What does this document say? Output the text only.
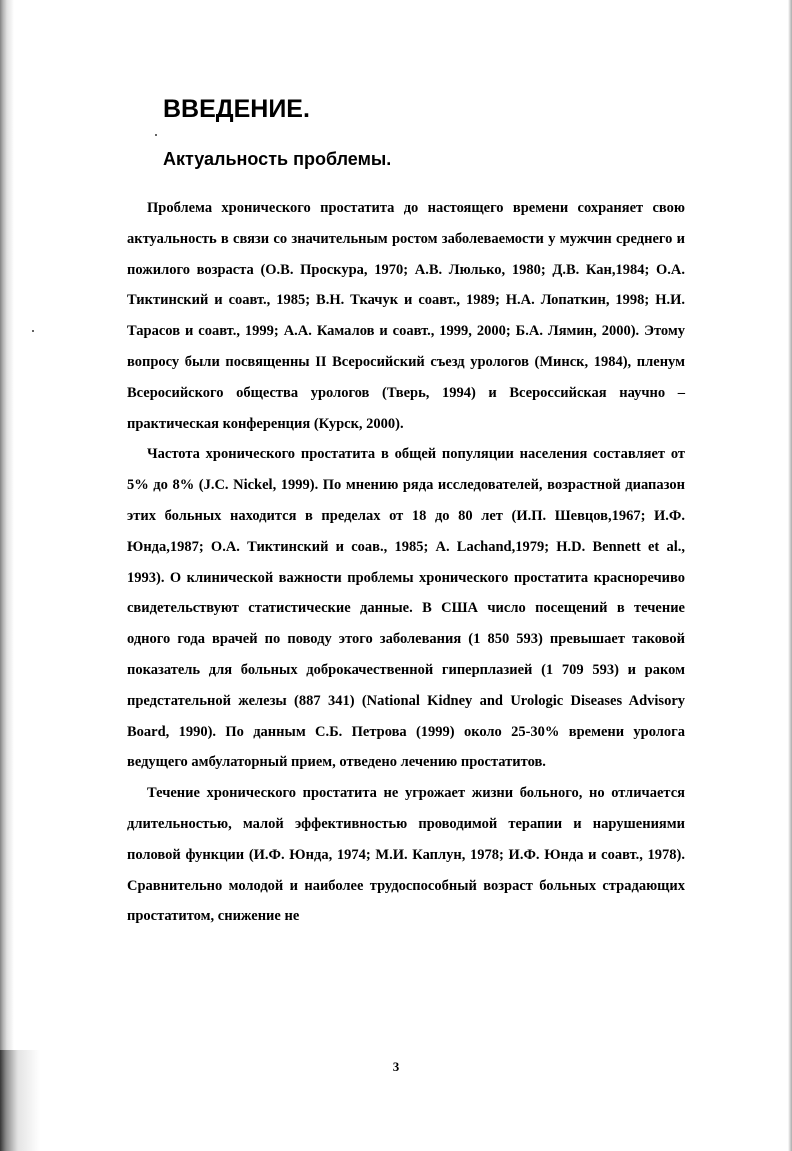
ВВЕДЕНИЕ.
Актуальность проблемы.

Проблема хронического простатита до настоящего времени сохраняет свою актуальность в связи со значительным ростом заболеваемости у мужчин среднего и пожилого возраста (О.В. Проскура, 1970; А.В. Люлько, 1980; Д.В. Кан,1984; О.А. Тиктинский и соавт., 1985; В.Н. Ткачук и соавт., 1989; Н.А. Лопаткин, 1998; Н.И. Тарасов и соавт., 1999; А.А. Камалов и соавт., 1999, 2000; Б.А. Лямин, 2000). Этому вопросу были посвященны II Всеросийский съезд урологов (Минск, 1984), пленум Всеросийского общества урологов (Тверь, 1994) и Всероссийская научно – практическая конференция (Курск, 2000).

Частота хронического простатита в общей популяции населения составляет от 5% до 8% (J.C. Nickel, 1999). По мнению ряда исследователей, возрастной диапазон этих больных находится в пределах от 18 до 80 лет (И.П. Шевцов,1967; И.Ф. Юнда,1987; О.А. Тиктинский и соав., 1985; A. Lachand,1979; H.D. Bennett et al., 1993). О клинической важности проблемы хронического простатита красноречиво свидетельствуют статистические данные. В США число посещений в течение одного года врачей по поводу этого заболевания (1 850 593) превышает таковой показатель для больных доброкачественной гиперплазией (1 709 593) и раком предстательной железы (887 341) (National Kidney and Urologic Diseases Advisory Board, 1990). По данным С.Б. Петрова (1999) около 25-30% времени уролога ведущего амбулаторный прием, отведено лечению простатитов.

Течение хронического простатита не угрожает жизни больного, но отличается длительностью, малой эффективностью проводимой терапии и нарушениями половой функции (И.Ф. Юнда, 1974; М.И. Каплун, 1978; И.Ф. Юнда и соавт., 1978). Сравнительно молодой и наиболее трудоспособный возраст больных страдающих простатитом, снижение не

3
